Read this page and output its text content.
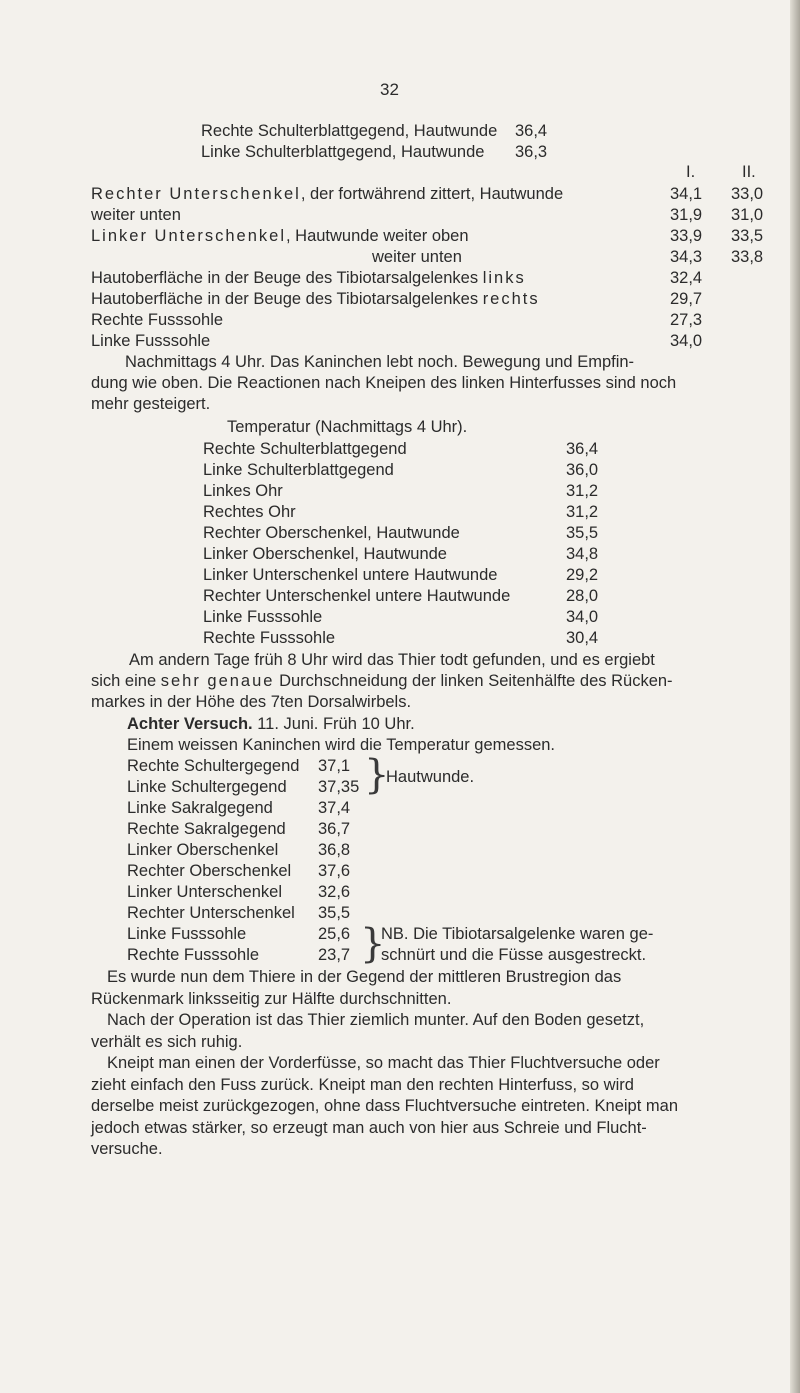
32
Rechte Schulterblattgegend, Hautwunde 36,4
Linke Schulterblattgegend, Hautwunde 36,3
I.	II.
Rechter Unterschenkel, der fortwährend zittert, Hautwunde	34,1 33,0
weiter unten	31,9 31,0
Linker Unterschenkel, Hautwunde weiter oben	33,9 33,5
weiter unten	34,3 33,8
Hautoberfläche in der Beuge des Tibiotarsalgelenkes links	32,4
Hautoberfläche in der Beuge des Tibiotarsalgelenkes rechts	29,7
Rechte Fusssohle	27,3
Linke Fusssohle	34,0
Nachmittags 4 Uhr. Das Kaninchen lebt noch. Bewegung und Empfin-
dung wie oben. Die Reactionen nach Kneipen des linken Hinterfusses sind noch
mehr gesteigert.
Temperatur (Nachmittags 4 Uhr).
Rechte Schulterblattgegend	36,4
Linke Schulterblattgegend	36,0
Linkes Ohr	31,2
Rechtes Ohr	31,2
Rechter Oberschenkel, Hautwunde	35,5
Linker Oberschenkel, Hautwunde	34,8
Linker Unterschenkel untere Hautwunde	29,2
Rechter Unterschenkel untere Hautwunde	28,0
Linke Fusssohle	34,0
Rechte Fusssohle	30,4
Am andern Tage früh 8 Uhr wird das Thier todt gefunden, und es ergiebt
sich eine sehr genaue Durchschneidung der linken Seitenhälfte des Rücken-
markes in der Höhe des 7ten Dorsalwirbels.
Achter Versuch. 11. Juni. Früh 10 Uhr.
Einem weissen Kaninchen wird die Temperatur gemessen.
Rechte Schultergegend 37,1
Linke Schultergegend 37,35 }
Hautwunde.
Linke Sakralgegend	37,4
Rechte Sakralgegend 36,7
Linker Oberschenkel 36,8
Rechter Oberschenkel 37,6
Linker Unterschenkel 32,6
Rechter Unterschenkel 35,5
Linke Fusssohle	25,6
Rechte Fusssohle	23,7 }
NB. Die Tibiotarsalgelenke waren ge-
schnürt und die Füsse ausgestreckt.
Es wurde nun dem Thiere in der Gegend der mittleren Brustregion das
Rückenmark linksseitig zur Hälfte durchschnitten.
Nach der Operation ist das Thier ziemlich munter. Auf den Boden gesetzt,
verhält es sich ruhig.
Kneipt man einen der Vorderfüsse, so macht das Thier Fluchtversuche oder
zieht einfach den Fuss zurück. Kneipt man den rechten Hinterfuss, so wird
derselbe meist zurückgezogen, ohne dass Fluchtversuche eintreten. Kneipt man
jedoch etwas stärker, so erzeugt man auch von hier aus Schreie und Flucht-
versuche.
